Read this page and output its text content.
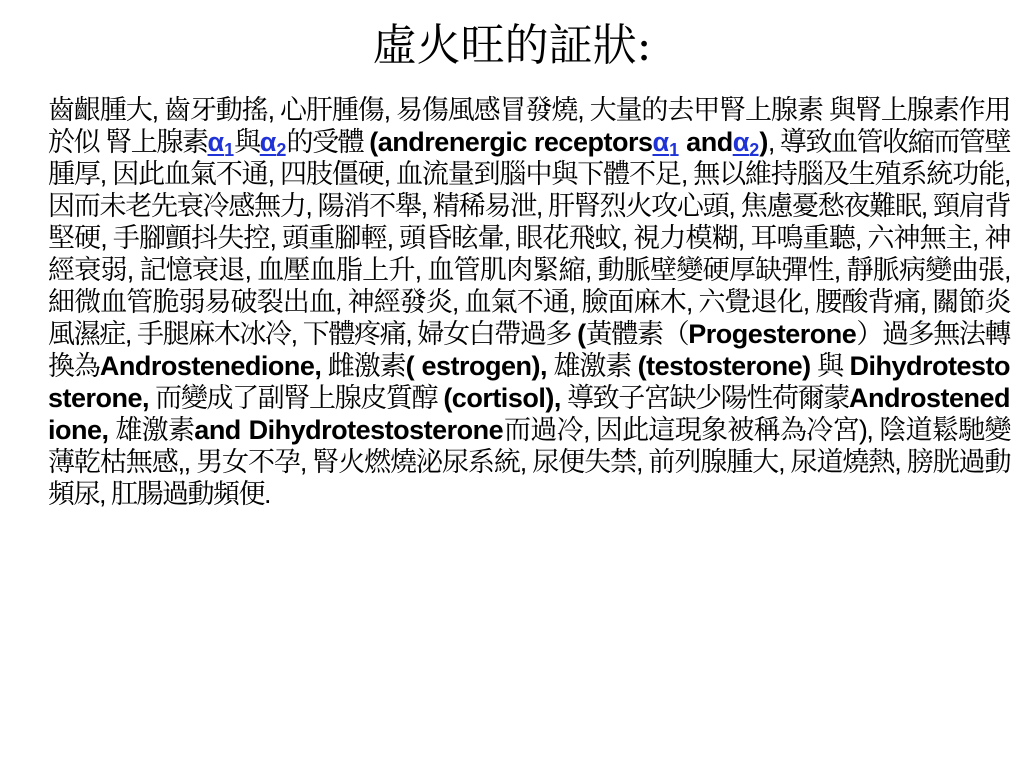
虛火旺的証狀:
齒齦腫大, 齒牙動搖, 心肝腫傷, 易傷風感冒發燒, 大量的去甲腎上腺素 與腎上腺素作用於似 腎上腺素$\alpha_1$與$\alpha_2$的受體 (andrenergic receptorsα$_1$ andα$_2$), 導致血管收縮而管壁腫厚, 因此血氣不通, 四肢僵硬, 血流量到腦中與下體不足, 無以維持腦及生殖系統功能, 因而未老先衰冷感無力, 陽消不舉, 精稀易泄, 肝腎烈火攻心頭, 焦慮憂愁夜難眠, 頸肩背堅硬, 手腳顫抖失控, 頭重腳輕, 頭昏眩暈, 眼花飛蚊, 視力模糊, 耳鳴重聽, 六神無主, 神經衰弱, 記憶衰退, 血壓血脂上升, 血管肌肉緊縮, 動脈壁變硬厚缺彈性, 靜脈病變曲張, 細微血管脆弱易破裂出血, 神經發炎, 血氣不通, 臉面麻木, 六覺退化, 腰酸背痛, 關節炎風濕症, 手腿麻木冰冷, 下體疼痛, 婦女白帶過多 (黃體素（Progesterone）過多無法轉換為Androstenedione, 雌激素( estrogen), 雄激素 (testosterone) 與 Dihydrotestosterone, 而變成了副腎上腺皮質醇 (cortisol), 導致子宮缺少陽性荷爾蒙Androstenedione, 雄激素and Dihydrotestosterone而過冷, 因此這現象被稱為冷宮), 陰道鬆馳變薄乾枯無感,, 男女不孕, 腎火燃燒泌尿系統, 尿便失禁, 前列腺腫大, 尿道燒熱, 膀胱過動頻尿, 肛腸過動頻便.
